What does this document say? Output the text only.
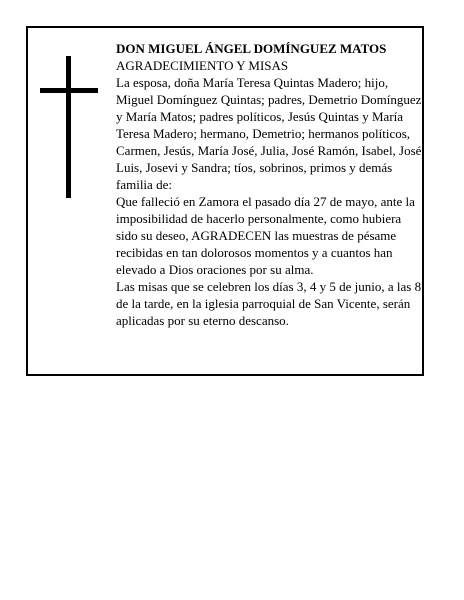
DON MIGUEL ÁNGEL DOMÍNGUEZ MATOS

AGRADECIMIENTO Y MISAS

La esposa, doña María Teresa Quintas Madero; hijo, Miguel Domínguez Quintas; padres, Demetrio Domínguez y María Matos; padres políticos, Jesús Quintas y María Teresa Madero; hermano, Demetrio; hermanos políticos, Carmen, Jesús, María José, Julia, José Ramón, Isabel, José Luis, Josevi y Sandra; tíos, sobrinos, primos y demás familia de:

Que falleció en Zamora el pasado día 27 de mayo, ante la imposibilidad de hacerlo personalmente, como hubiera sido su deseo, AGRADECEN las muestras de pésame recibidas en tan dolorosos momentos y a cuantos han elevado a Dios oraciones por su alma.

Las misas que se celebren los días 3, 4 y 5 de junio, a las 8 de la tarde, en la iglesia parroquial de San Vicente, serán aplicadas por su eterno descanso.
